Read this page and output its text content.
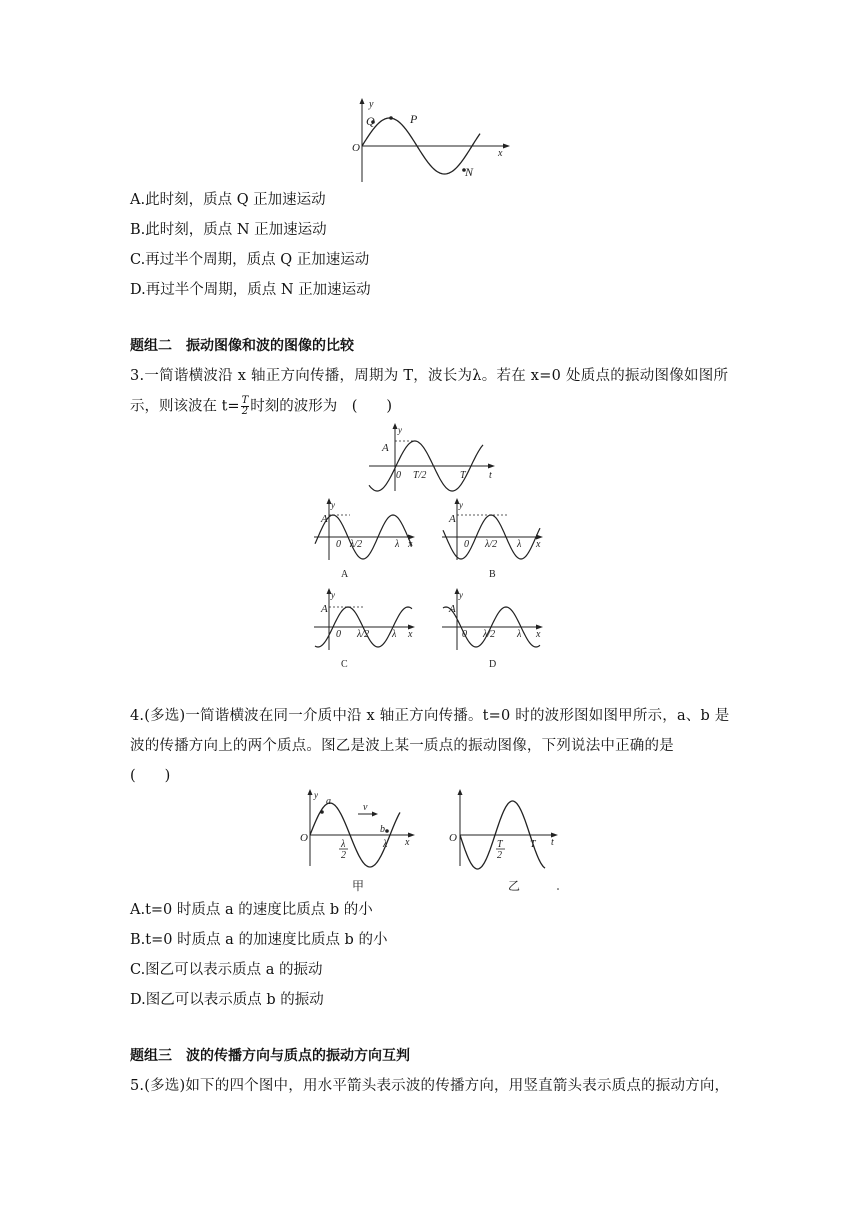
y
Q	P
O	x
N
A.此时刻，质点 Q 正加速运动
B.此时刻，质点 N 正加速运动
C.再过半个周期，质点 Q 正加速运动
D.再过半个周期，质点 N 正加速运动
题组二　振动图像和波的图像的比较
3.一简谐横波沿 x 轴正方向传播，周期为 T，波长为λ。若在 x=0 处质点的振动图像如图所
示，则该波在 $t= \frac{T}{2}$ 时刻的波形为　(　　)
y
A
0 T/2	T t
y
A
0 λ/2	λ x
A
y
A
0 λ/2 λ x
B
y
A
0 λ/2 λ x
C
y
A
0 λ/2 λ x
D
4.(多选)一简谐横波在同一介质中沿 x 轴正方向传播。t=0 时的波形图如图甲所示，a、b 是
波的传播方向上的两个质点。图乙是波上某一质点的振动图像，下列说法中正确的是
(　　)
y
a
v
O
b
λ
2
λ x
甲
O
T
2
T t
乙
A.t=0 时质点 a 的速度比质点 b 的小
B.t=0 时质点 a 的加速度比质点 b 的小
C.图乙可以表示质点 a 的振动
D.图乙可以表示质点 b 的振动
题组三　波的传播方向与质点的振动方向互判
5.(多选)如下的四个图中，用水平箭头表示波的传播方向，用竖直箭头表示质点的振动方向，
